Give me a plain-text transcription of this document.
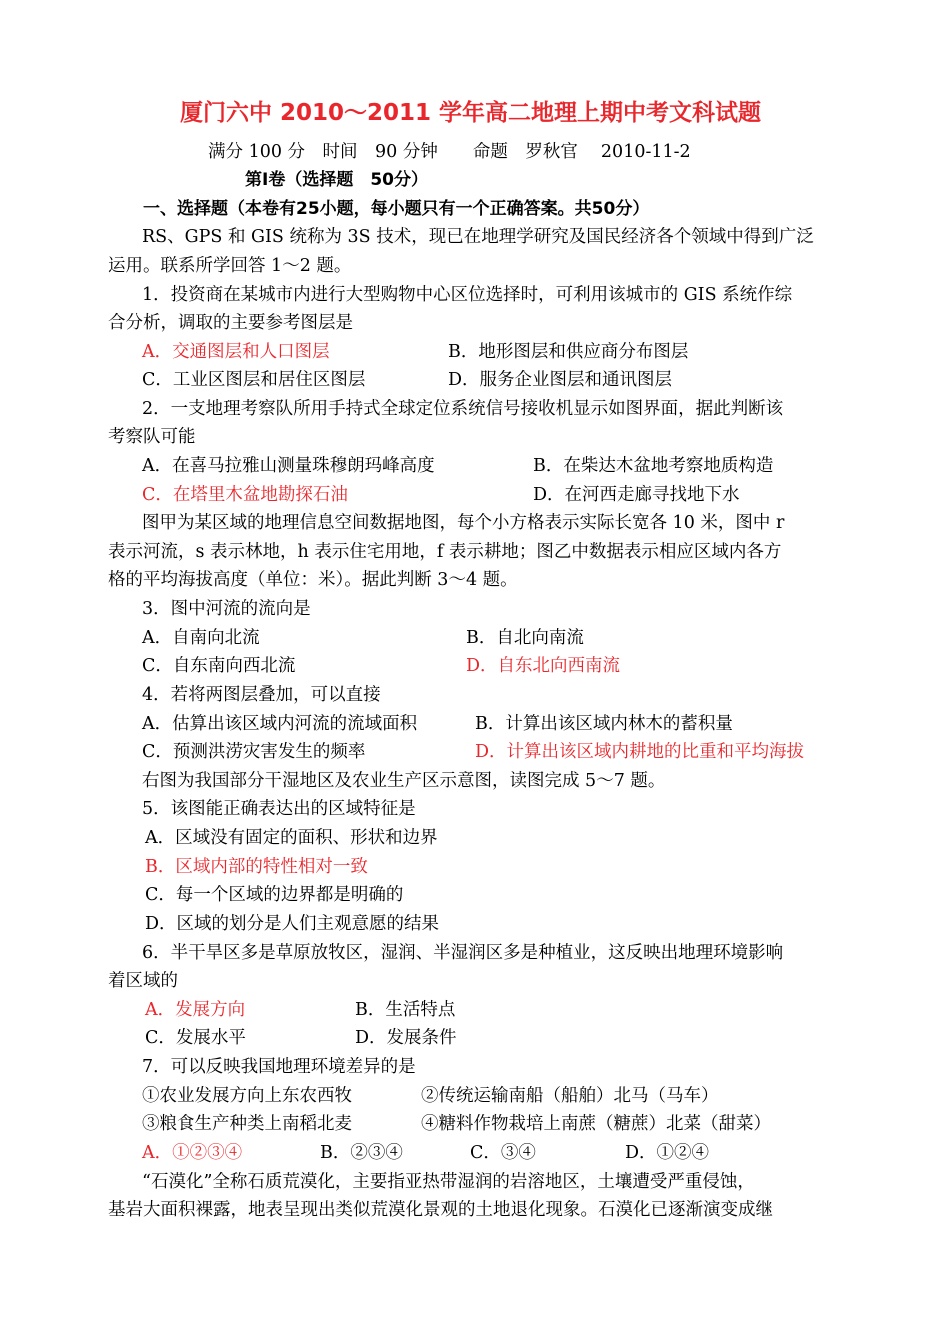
厦门六中 2010～2011 学年高二地理上期中考文科试题
满分 100 分　时间　90 分钟　　命题　罗秋官　 2010-11-2
第Ⅰ卷（选择题　50分）
一、选择题（本卷有25小题，每小题只有一个正确答案。共50分）
RS、GPS 和 GIS 统称为 3S 技术，现已在地理学研究及国民经济各个领域中得到广泛
运用。联系所学回答 1～2 题。
1．投资商在某城市内进行大型购物中心区位选择时，可利用该城市的 GIS 系统作综
合分析，调取的主要参考图层是
A．交通图层和人口图层	B．地形图层和供应商分布图层
C．工业区图层和居住区图层	D．服务企业图层和通讯图层
2．一支地理考察队所用手持式全球定位系统信号接收机显示如图界面，据此判断该
考察队可能
A．在喜马拉雅山测量珠穆朗玛峰高度	B．在柴达木盆地考察地质构造
C．在塔里木盆地勘探石油	D．在河西走廊寻找地下水
图甲为某区域的地理信息空间数据地图，每个小方格表示实际长宽各 10 米，图中 r
表示河流，s 表示林地，h 表示住宅用地，f 表示耕地；图乙中数据表示相应区域内各方
格的平均海拔高度（单位：米）。据此判断 3～4 题。
3．图中河流的流向是
A．自南向北流	B．自北向南流
C．自东南向西北流	D．自东北向西南流
4．若将两图层叠加，可以直接
A．估算出该区域内河流的流域面积	B．计算出该区域内林木的蓄积量
C．预测洪涝灾害发生的频率	D．计算出该区域内耕地的比重和平均海拔
右图为我国部分干湿地区及农业生产区示意图，读图完成 5～7 题。
5．该图能正确表达出的区域特征是
A．区域没有固定的面积、形状和边界
B．区域内部的特性相对一致
C．每一个区域的边界都是明确的
D．区域的划分是人们主观意愿的结果
6．半干旱区多是草原放牧区，湿润、半湿润区多是种植业，这反映出地理环境影响
着区域的
A．发展方向	B．生活特点
C．发展水平	D．发展条件
7．可以反映我国地理环境差异的是
①农业发展方向上东农西牧	②传统运输南船（船舶）北马（马车）
③粮食生产种类上南稻北麦	④糖料作物栽培上南蔗（糖蔗）北菜（甜菜）
A．①②③④	B．②③④	C．③④	D．①②④
“石漠化”全称石质荒漠化，主要指亚热带湿润的岩溶地区，土壤遭受严重侵蚀，
基岩大面积裸露，地表呈现出类似荒漠化景观的土地退化现象。石漠化已逐渐演变成继
